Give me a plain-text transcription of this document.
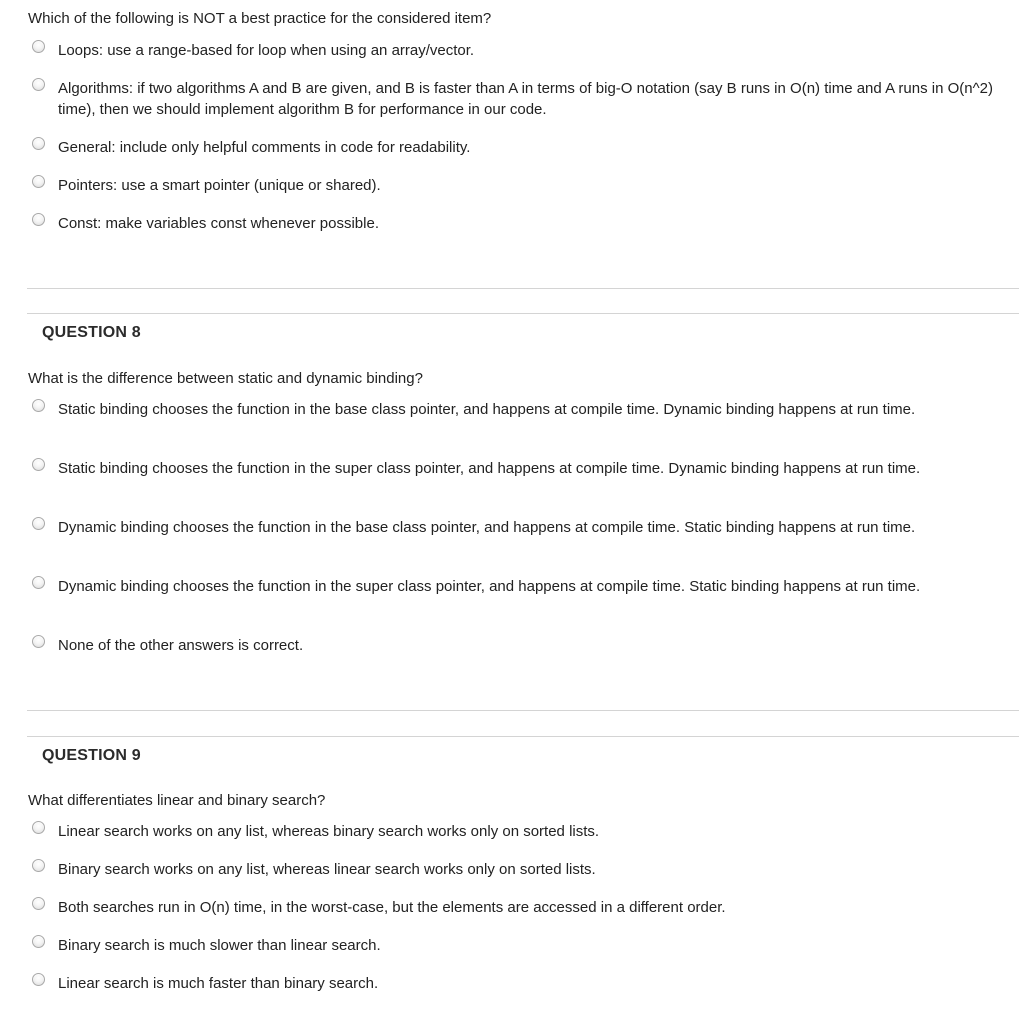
Which of the following is NOT a best practice for the considered item?
Loops: use a range-based for loop when using an array/vector.
Algorithms: if two algorithms A and B are given, and B is faster than A in terms of big-O notation (say B runs in O(n) time and A runs in O(n^2) time), then we should implement algorithm B for performance in our code.
General: include only helpful comments in code for readability.
Pointers: use a smart pointer (unique or shared).
Const: make variables const whenever possible.
QUESTION 8
What is the difference between static and dynamic binding?
Static binding chooses the function in the base class pointer, and happens at compile time. Dynamic binding happens at run time.
Static binding chooses the function in the super class pointer, and happens at compile time. Dynamic binding happens at run time.
Dynamic binding chooses the function in the base class pointer, and happens at compile time. Static binding happens at run time.
Dynamic binding chooses the function in the super class pointer, and happens at compile time. Static binding happens at run time.
None of the other answers is correct.
QUESTION 9
What differentiates linear and binary search?
Linear search works on any list, whereas binary search works only on sorted lists.
Binary search works on any list, whereas linear search works only on sorted lists.
Both searches run in O(n) time, in the worst-case, but the elements are accessed in a different order.
Binary search is much slower than linear search.
Linear search is much faster than binary search.
